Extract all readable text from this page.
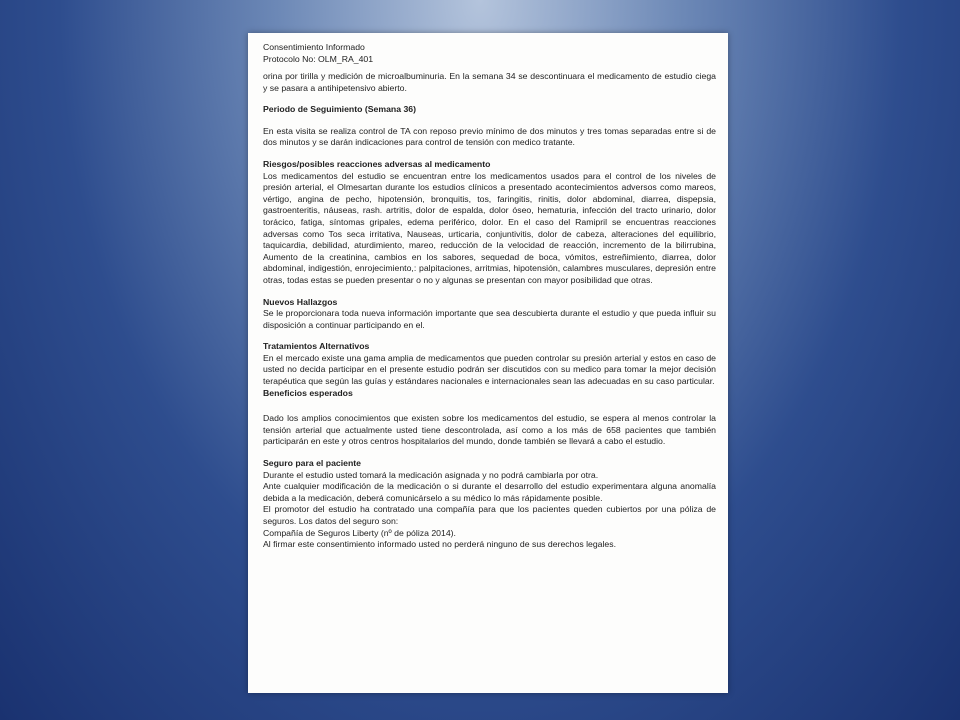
Consentimiento Informado
Protocolo No: OLM_RA_401

orina por tirilla y medición de microalbuminuria. En la semana 34 se descontinuara el medicamento de estudio ciega y se pasara a antihipetensivo abierto.

Periodo de Seguimiento (Semana 36)

En esta visita se realiza control de TA con reposo previo mínimo de dos minutos y tres tomas separadas entre si de dos minutos y se darán indicaciones para control de tensión con medico tratante.

Riesgos/posibles reacciones adversas al medicamento

Los medicamentos del estudio se encuentran entre los medicamentos usados para el control de los niveles de presión arterial, el Olmesartan durante los estudios clínicos a presentado acontecimientos adversos como mareos, vértigo, angina de pecho, hipotensión, bronquitis, tos, faringitis, rinitis, dolor abdominal, diarrea, dispepsia, gastroenteritis, náuseas, rash. artritis, dolor de espalda, dolor óseo, hematuria, infección del tracto urinario, dolor torácico, fatiga, síntomas gripales, edema periférico, dolor. En el caso del Ramipril se encuentras reacciones adversas como Tos seca irritativa, Nauseas, urticaria, conjuntivitis, dolor de cabeza, alteraciones del equilibrio, taquicardia, debilidad, aturdimiento, mareo, reducción de la velocidad de reacción, incremento de la bilirrubina, Aumento de la creatinina, cambios en los sabores, sequedad de boca, vómitos, estreñimiento, diarrea, dolor abdominal, indigestión, enrojecimiento,: palpitaciones, arritmias, hipotensión, calambres musculares, depresión entre otras, todas estas se pueden presentar o no y algunas se presentan con mayor posibilidad que otras.

Nuevos Hallazgos

Se le proporcionara toda nueva información importante que sea descubierta durante el estudio y que pueda influir su disposición a continuar participando en el.

Tratamientos Alternativos

En el mercado existe una gama amplia de medicamentos que pueden controlar su presión arterial y estos en caso de usted no decida participar en el presente estudio podrán ser discutidos con su medico para tomar la mejor decisión terapéutica que según las guías y estándares nacionales e internacionales sean las adecuadas en su caso particular.

Beneficios esperados

Dado los amplios conocimientos que existen sobre los medicamentos del estudio, se espera al menos controlar la tensión arterial que actualmente usted tiene descontrolada, así como a los más de 658 pacientes que también participarán en este y otros centros hospitalarios del mundo, donde también se llevará a cabo el estudio.

Seguro para el paciente

Durante el estudio usted tomará la medicación asignada y no podrá cambiarla por otra.

Ante cualquier modificación de la medicación o si durante el desarrollo del estudio experimentara alguna anomalía debida a la medicación, deberá comunicárselo a su médico lo más rápidamente posible.

El promotor del estudio ha contratado una compañía para que los pacientes queden cubiertos por una póliza de seguros. Los datos del seguro son:

Compañía de Seguros Liberty (nº de póliza 2014).

Al firmar este consentimiento informado usted no perderá ninguno de sus derechos legales.
